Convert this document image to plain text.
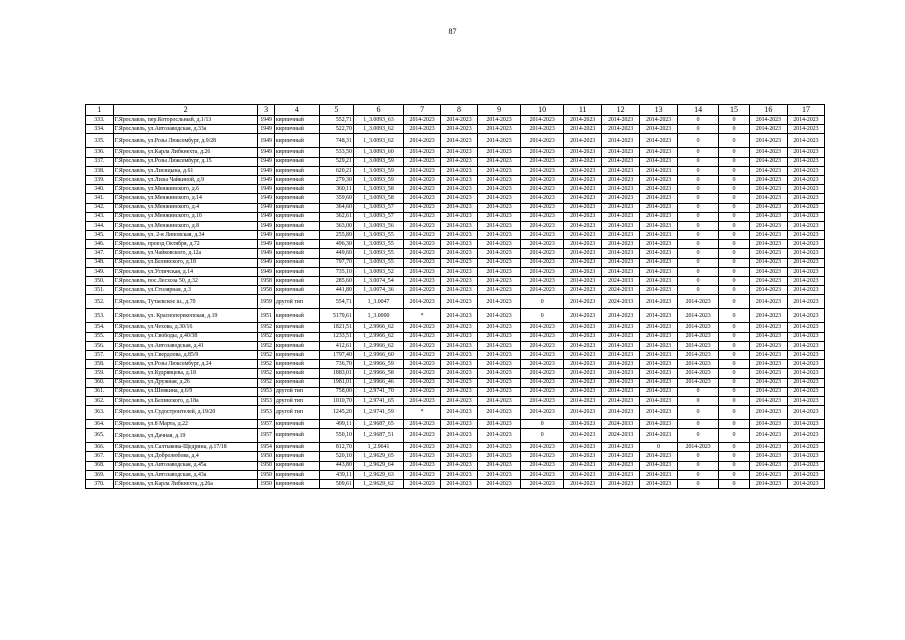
87
1	2	3	4	5	6	7	8	9	10	11	12	13	14	15	16	17
333.	Г.Ярославль, пер.Которосльный, д.1/13	1949	кирпичный	552,71	1_3.0093_63	2014-2023	2014-2023	2014-2023	2014-2023	2014-2023	2014-2023	2014-2023	0	0	2014-2023	2014-2023
334.	Г.Ярославль, ул.Автозаводская, д.33а	1949	кирпичный	522,70	1_3.0093_62	2014-2023	2014-2023	2014-2023	2014-2023	2014-2023	2014-2023	2014-2023	0	0	2014-2023	2014-2023
335.	Г.Ярославль, ул.Розы Люксембург, д.9/28	1949	кирпичный	748,31	1_3.0093_62	2014-2023	2014-2023	2014-2023	2014-2023	2014-2023	2014-2023	2014-2023	0	0	2014-2023	2014-2023
336.	Г.Ярославль, ул.Карла Либкнехта, д.26	1949	кирпичный	533,50	1_3.0093_60	2014-2023	2014-2023	2014-2023	2014-2023	2014-2023	2014-2023	2014-2023	0	0	2014-2023	2014-2023
337.	Г.Ярославль, ул.Розы Люксембург, д.15	1949	кирпичный	529,21	1_3.0093_59	2014-2023	2014-2023	2014-2023	2014-2023	2014-2023	2014-2023	2014-2023	0	0	2014-2023	2014-2023
338.	Г.Ярославль, ул.Лисицына, д.61	1949	кирпичный	620,21	1_3.0093_59	2014-2023	2014-2023	2014-2023	2014-2023	2014-2023	2014-2023	2014-2023	0	0	2014-2023	2014-2023
339.	Г.Ярославль, ул.Лизы Чайкиной, д.9	1949	кирпичный	279,30	1_3.0093_59	2014-2023	2014-2023	2014-2023	2014-2023	2014-2023	2014-2023	2014-2023	0	0	2014-2023	2014-2023
340.	Г.Ярославль, ул.Менжинского, д.6	1949	кирпичный	360,11	1_3.0093_58	2014-2023	2014-2023	2014-2023	2014-2023	2014-2023	2014-2023	2014-2023	0	0	2014-2023	2014-2023
341.	Г.Ярославль, ул.Менжинского, д.14	1949	кирпичный	359,60	1_3.0093_58	2014-2023	2014-2023	2014-2023	2014-2023	2014-2023	2014-2023	2014-2023	0	0	2014-2023	2014-2023
342.	Г.Ярославль, ул.Менжинского, д.4	1949	кирпичный	364,60	1_3.0093_57	2014-2023	2014-2023	2014-2023	2014-2023	2014-2023	2014-2023	2014-2023	0	0	2014-2023	2014-2023
343.	Г.Ярославль, ул.Менжинского, д.16	1949	кирпичный	362,61	1_3.0093_57	2014-2023	2014-2023	2014-2023	2014-2023	2014-2023	2014-2023	2014-2023	0	0	2014-2023	2014-2023
344.	Г.Ярославль, ул.Менжинского, д.8	1949	кирпичный	363,00	1_3.0093_56	2014-2023	2014-2023	2014-2023	2014-2023	2014-2023	2014-2023	2014-2023	0	0	2014-2023	2014-2023
345.	Г.Ярославль, ул. 2-я Липовская, д.34	1949	кирпичный	255,80	1_3.0093_55	2014-2023	2014-2023	2014-2023	2014-2023	2014-2023	2014-2023	2014-2023	0	0	2014-2023	2014-2023
346.	Г.Ярославль, проезд Октября, д.72	1949	кирпичный	496,30	1_3.0093_55	2014-2023	2014-2023	2014-2023	2014-2023	2014-2023	2014-2023	2014-2023	0	0	2014-2023	2014-2023
347.	Г.Ярославль, ул.Чайковского, д.12а	1949	кирпичный	449,60	1_3.0093_55	2014-2023	2014-2023	2014-2023	2014-2023	2014-2023	2014-2023	2014-2023	0	0	2014-2023	2014-2023
348.	Г.Ярославль, ул.Белинского, д.18	1949	кирпичный	797,70	1_3.0093_55	2014-2023	2014-2023	2014-2023	2014-2023	2014-2023	2014-2023	2014-2023	0	0	2014-2023	2014-2023
349.	Г.Ярославль, ул.Угличская, д.14	1949	кирпичный	735,10	1_3.0093_52	2014-2023	2014-2023	2014-2023	2014-2023	2014-2023	2014-2023	2014-2023	0	0	2014-2023	2014-2023
350.	Г.Ярославль, пос.Лесхоза 50, д.32	1958	кирпичный	285,60	1_3.0074_54	2014-2023	2014-2023	2014-2023	2014-2023	2014-2023	2024-2033	2014-2023	0	0	2014-2023	2014-2023
351.	Г.Ярославль, ул.Столярная, д.3	1958	кирпичный	441,80	1_3.0074_36	2014-2023	2014-2023	2014-2023	2014-2023	2014-2023	2024-2033	2014-2023	0	0	2014-2023	2014-2023
352.	Г.Ярославль, Тутаевское ш., д.70	1959	другой тип	554,71	1_3.0047	2014-2023	2014-2023	2014-2023	0	2014-2023	2024-2033	2014-2023	2014-2023	0	2014-2023	2014-2023
353.	Г.Ярославль, ул. Красноперекопская, д.19	1951	кирпичный	5179,61	1_3.0000	*	2014-2023	2014-2023	0	2014-2023	2014-2023	2014-2023	2014-2023	0	2014-2023	2014-2023
354.	Г.Ярославль, ул.Чехова, д.30/16	1952	кирпичный	1821,51	1_2.9966_62	2014-2023	2014-2023	2014-2023	2014-2023	2014-2023	2014-2023	2014-2023	2014-2023	0	2014-2023	2014-2023
355.	Г.Ярославль, ул.Свободы, д.40/38	1952	кирпичный	1233,51	1_2.9966_62	2014-2023	2014-2023	2014-2023	2014-2023	2014-2023	2014-2023	2014-2023	2014-2023	0	2014-2023	2014-2023
356.	Г.Ярославль, ул.Автозаводская, д.41	1952	кирпичный	412,61	1_2.9966_62	2014-2023	2014-2023	2014-2023	2014-2023	2014-2023	2014-2023	2014-2023	2014-2023	0	2014-2023	2014-2023
357.	Г.Ярославль, ул.Свердлова, д.85/9	1952	кирпичный	1797,40	1_2.9966_60	2014-2023	2014-2023	2014-2023	2014-2023	2014-2023	2014-2023	2014-2023	2014-2023	0	2014-2023	2014-2023
358.	Г.Ярославль, ул.Розы Люксембург, д.24	1952	кирпичный	736,70	1_2.9966_59	2014-2023	2014-2023	2014-2023	2014-2023	2014-2023	2014-2023	2014-2023	2014-2023	0	2014-2023	2014-2023
359.	Г.Ярославль, ул.Кудрявцева, д.18	1952	кирпичный	1883,01	1_2.9966_58	2014-2023	2014-2023	2014-2023	2014-2023	2014-2023	2014-2023	2014-2023	2014-2023	0	2014-2023	2014-2023
360.	Г.Ярославль, ул.Дружная, д.26	1952	кирпичный	1981,01	1_2.9966_46	2014-2023	2014-2023	2014-2023	2014-2023	2014-2023	2014-2023	2014-2023	2014-2023	0	2014-2023	2014-2023
361.	Г.Ярославль, ул.Шевкина, д.6/9	1953	другой тип	758,00	1_2.9741_70	2014-2023	2014-2023	2014-2023	2014-2023	2014-2023	2014-2023	2014-2023	0	0	2014-2023	2014-2023
362.	Г.Ярославль, ул.Белинского, д.18а	1953	другой тип	1010,70	1_2.9741_65	2014-2023	2014-2023	2014-2023	2014-2023	2014-2023	2014-2023	2014-2023	0	0	2014-2023	2014-2023
363.	Г.Ярославль, ул.Судостроителей, д.19/20	1953	другой тип	1245,20	1_2.9741_59	*	2014-2023	2014-2023	2014-2023	2014-2023	2014-2023	2014-2023	0	0	2014-2023	2014-2023
364.	Г.Ярославль, ул.8 Марта, д.22	1957	кирпичный	499,11	1_2.9687_65	2014-2023	2014-2023	2014-2023	0	2014-2023	2024-2033	2014-2023	0	0	2014-2023	2014-2023
365.	Г.Ярославль, ул.Дачная, д.19	1957	кирпичный	550,10	1_2.9687_51	2014-2023	2014-2023	2014-2023	0	2014-2023	2024-2033	2014-2023	0	0	2014-2023	2014-2023
366.	Г.Ярославль, ул.Салтыкова-Щедрина, д.17/18	1954	кирпичный	812,70	1_2.9641	2014-2023	2014-2023	2014-2023	2014-2023	2014-2023	2014-2023	0	2014-2023	0	2014-2023	2014-2023
367.	Г.Ярославль, ул.Добролюбова, д.4	1950	кирпичный	520,10	1_2.9629_65	2014-2023	2014-2023	2014-2023	2014-2023	2014-2023	2014-2023	2014-2023	0	0	2014-2023	2014-2023
368.	Г.Ярославль, ул.Автозаводская, д.45а	1950	кирпичный	443,80	1_2.9629_64	2014-2023	2014-2023	2014-2023	2014-2023	2014-2023	2014-2023	2014-2023	0	0	2014-2023	2014-2023
369.	Г.Ярославль, ул.Автозаводская, д.43а	1950	кирпичный	439,11	1_2.9629_63	2014-2023	2014-2023	2014-2023	2014-2023	2014-2023	2014-2023	2014-2023	0	0	2014-2023	2014-2023
370.	Г.Ярославль, ул.Карла Либкнехта, д.26а	1950	кирпичный	509,61	1_2.9629_62	2014-2023	2014-2023	2014-2023	2014-2023	2014-2023	2014-2023	2014-2023	0	0	2014-2023	2014-2023
